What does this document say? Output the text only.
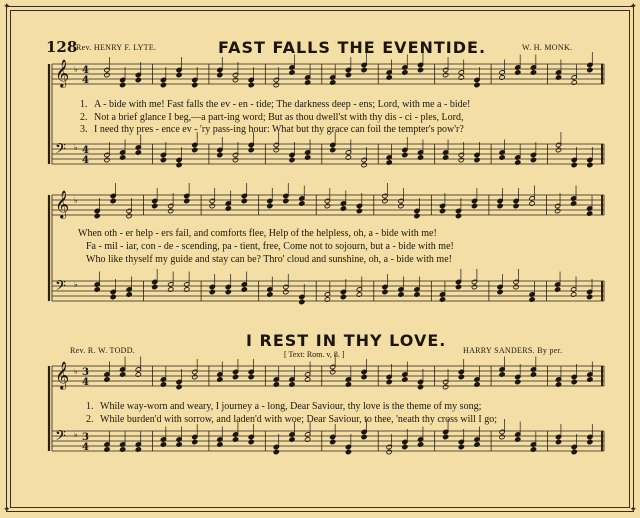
✦	✦
✦	✦
128
Rev. HENRY F. LYTE.	FAST FALLS THE EVENTIDE.	W. H. MONK.
𝄞 ♭ 4
4
𝄢 ♭ 4
4
𝄞 ♭
𝄢 ♭
𝄞 ♭ 3
4
𝄢 ♭ 3
4
1. A - bide with me! Fast falls the ev - en - tide; The darkness deep - ens; Lord, with me a - bide!
2. Not a brief glance I beg,—a part-ing word; But as thou dwell'st with thy dis - ci - ples, Lord,
3. I need thy pres - ence ev - 'ry pass-ing hour: What but thy grace can foil the tempter's pow'r?
When oth - er help - ers fail, and comforts flee, Help of the helpless, oh, a - bide with me!
Fa - mil - iar, con - de - scending, pa - tient, free, Come not to sojourn, but a - bide with me!
Who like thyself my guide and stay can be? Thro' cloud and sunshine, oh, a - bide with me!
I REST IN THY LOVE.
Rev. R. W. TODD.	[ Text: Rom. v, 8. ]	HARRY SANDERS. By per.
1. While way-worn and weary, I journey a - long, Dear Saviour, thy love is the theme of my song;
2. While burden'd with sorrow, and laden'd with woe; Dear Saviour, to thee, 'neath thy cross will I go;
